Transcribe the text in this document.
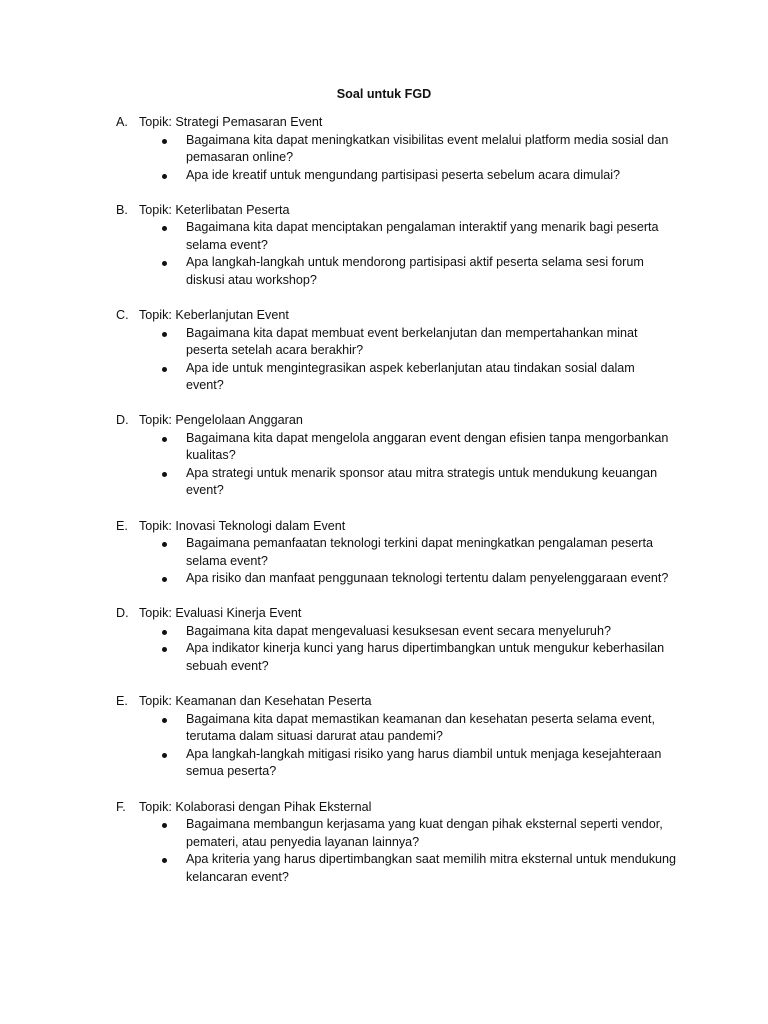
Soal untuk FGD
A. Topik: Strategi Pemasaran Event
Bagaimana kita dapat meningkatkan visibilitas event melalui platform media sosial dan pemasaran online?
Apa ide kreatif untuk mengundang partisipasi peserta sebelum acara dimulai?
B. Topik: Keterlibatan Peserta
Bagaimana kita dapat menciptakan pengalaman interaktif yang menarik bagi peserta selama event?
Apa langkah-langkah untuk mendorong partisipasi aktif peserta selama sesi forum diskusi atau workshop?
C. Topik: Keberlanjutan Event
Bagaimana kita dapat membuat event berkelanjutan dan mempertahankan minat peserta setelah acara berakhir?
Apa ide untuk mengintegrasikan aspek keberlanjutan atau tindakan sosial dalam event?
D. Topik: Pengelolaan Anggaran
Bagaimana kita dapat mengelola anggaran event dengan efisien tanpa mengorbankan kualitas?
Apa strategi untuk menarik sponsor atau mitra strategis untuk mendukung keuangan event?
E. Topik: Inovasi Teknologi dalam Event
Bagaimana pemanfaatan teknologi terkini dapat meningkatkan pengalaman peserta selama event?
Apa risiko dan manfaat penggunaan teknologi tertentu dalam penyelenggaraan event?
D. Topik: Evaluasi Kinerja Event
Bagaimana kita dapat mengevaluasi kesuksesan event secara menyeluruh?
Apa indikator kinerja kunci yang harus dipertimbangkan untuk mengukur keberhasilan sebuah event?
E. Topik: Keamanan dan Kesehatan Peserta
Bagaimana kita dapat memastikan keamanan dan kesehatan peserta selama event, terutama dalam situasi darurat atau pandemi?
Apa langkah-langkah mitigasi risiko yang harus diambil untuk menjaga kesejahteraan semua peserta?
F. Topik: Kolaborasi dengan Pihak Eksternal
Bagaimana membangun kerjasama yang kuat dengan pihak eksternal seperti vendor, pemateri, atau penyedia layanan lainnya?
Apa kriteria yang harus dipertimbangkan saat memilih mitra eksternal untuk mendukung kelancaran event?
